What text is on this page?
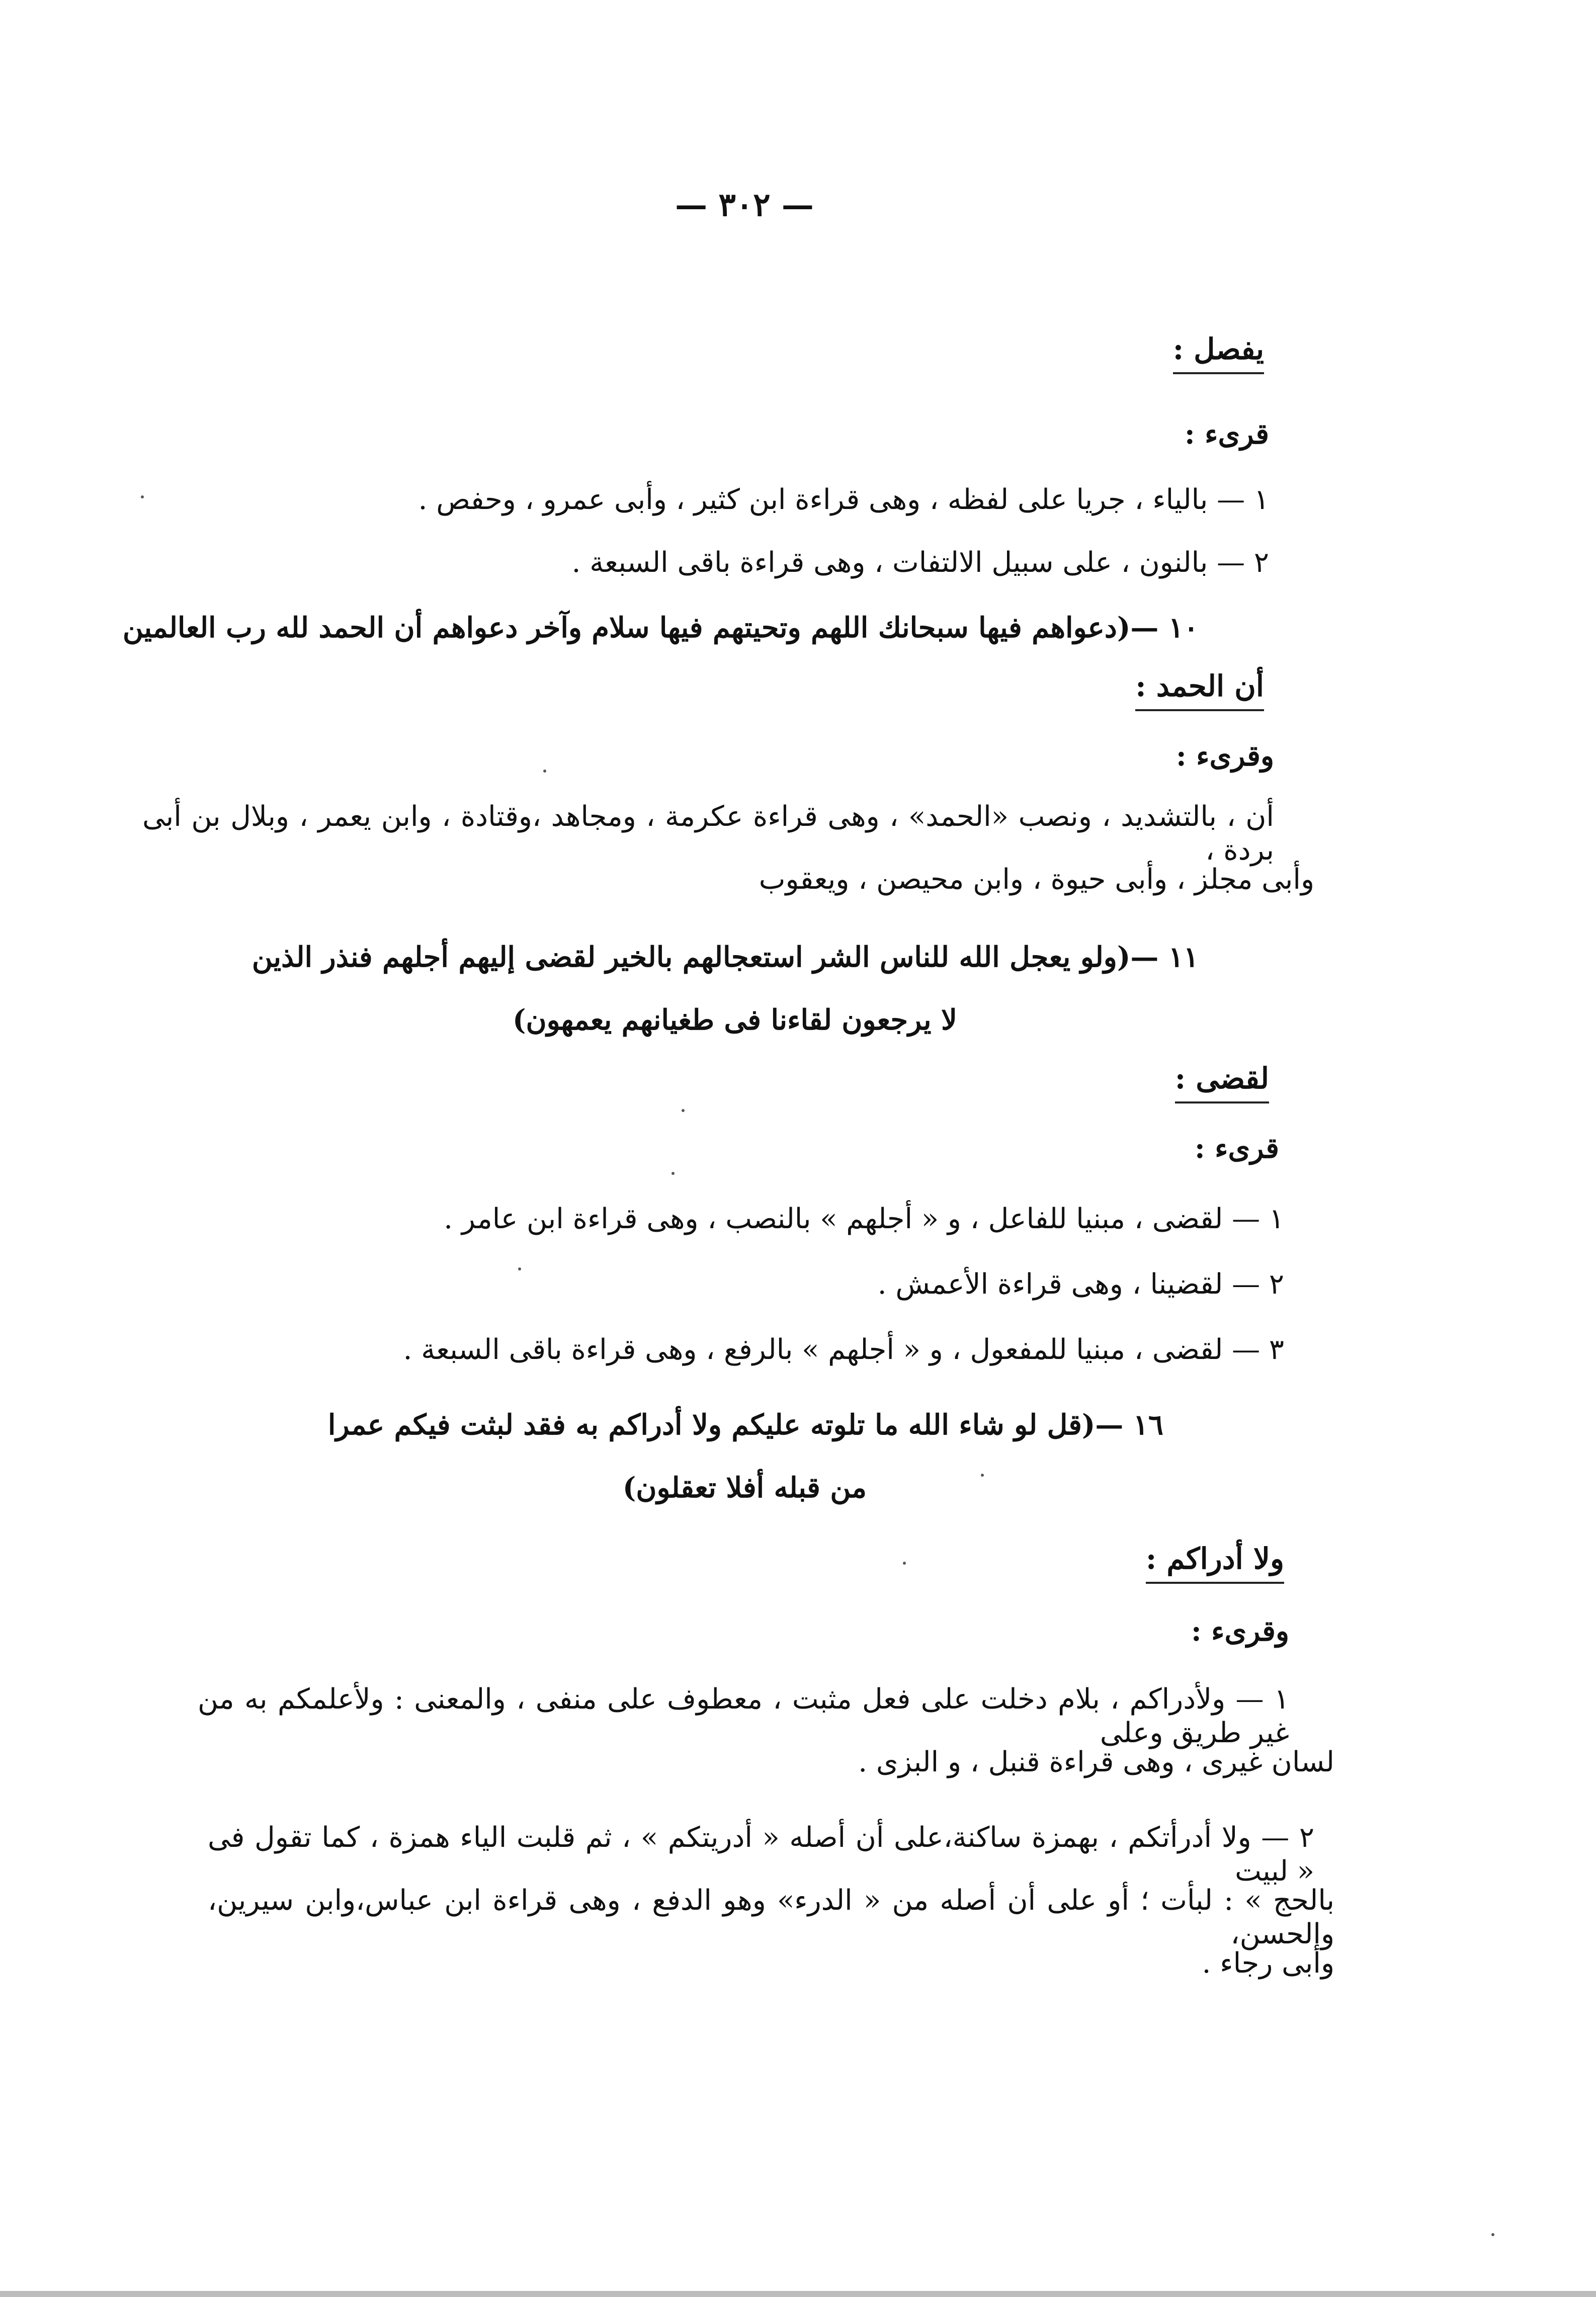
— ٣٠٢ —
يفصل :
قرىء :
١ — بالياء ، جريا على لفظه ، وهى قراءة ابن كثير ، وأبى عمرو ، وحفص .
٢ — بالنون ، على سبيل الالتفات ، وهى قراءة باقى السبعة .
١٠ —(دعواهم فيها سبحانك اللهم وتحيتهم فيها سلام وآخر دعواهم أن الحمد لله رب العالمين
أن الحمد :
وقرىء :
أن ، بالتشديد ، ونصب «الحمد» ، وهى قراءة عكرمة ، ومجاهد ،وقتادة ، وابن يعمر ، وبلال بن أبى بردة ،
وأبى مجلز ، وأبى حيوة ، وابن محيصن ، ويعقوب
١١ —(ولو يعجل الله للناس الشر استعجالهم بالخير لقضى إليهم أجلهم فنذر الذين
لا يرجعون لقاءنا فى طغيانهم يعمهون)
لقضى :
قرىء :
١ — لقضى ، مبنيا للفاعل ، و « أجلهم » بالنصب ، وهى قراءة ابن عامر .
٢ — لقضينا ، وهى قراءة الأعمش .
٣ — لقضى ، مبنيا للمفعول ، و « أجلهم » بالرفع ، وهى قراءة باقى السبعة .
١٦ —(قل لو شاء الله ما تلوته عليكم ولا أدراكم به فقد لبثت فيكم عمرا
من قبله أفلا تعقلون)
ولا أدراكم :
وقرىء :
١ — ولأدراكم ، بلام دخلت على فعل مثبت ، معطوف على منفى ، والمعنى : ولأعلمكم به من غير طريق وعلى
لسان غيرى ، وهى قراءة قنبل ، و البزى .
٢ — ولا أدرأتكم ، بهمزة ساكنة،على أن أصله « أدريتكم » ، ثم قلبت الياء همزة ، كما تقول فى « لبيت
بالحج » : لبأت ؛ أو على أن أصله من « الدرء» وهو الدفع ، وهى قراءة ابن عباس،وابن سيرين، والحسن،
وأبى رجاء .
